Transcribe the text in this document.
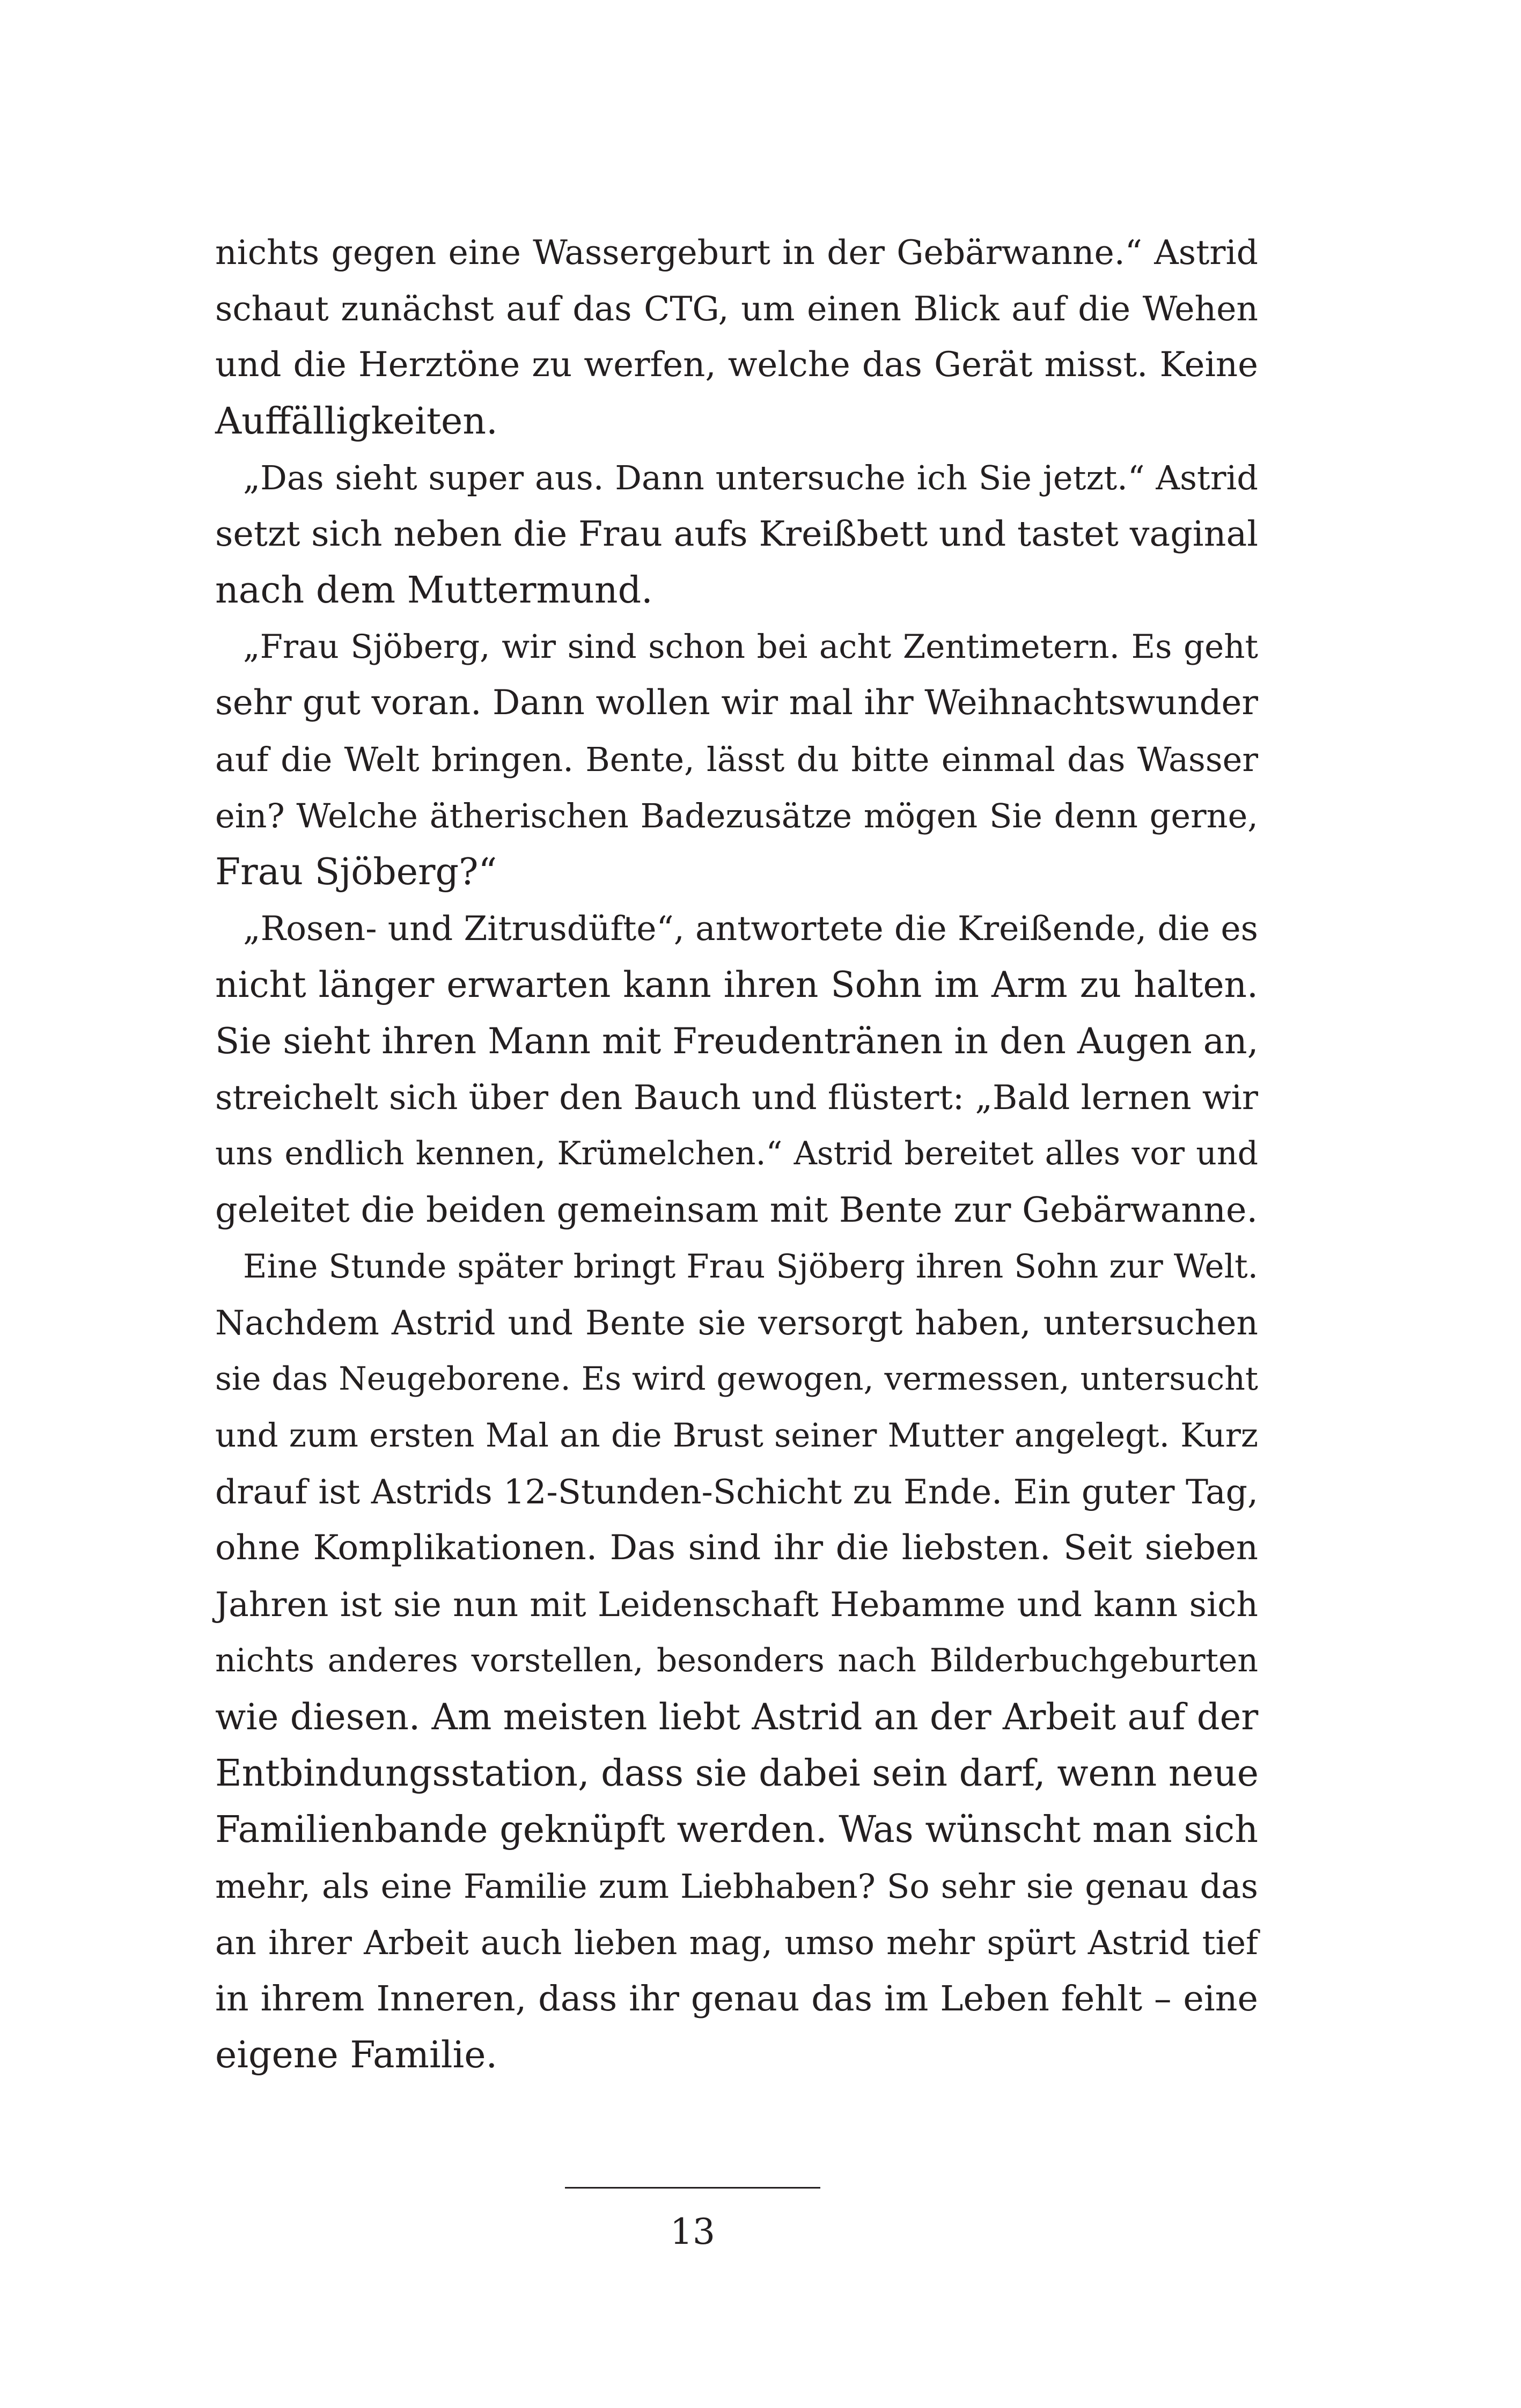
nichts gegen eine Wassergeburt in der Gebärwanne.“ Astrid
schaut zunächst auf das CTG, um einen Blick auf die Wehen
und die Herztöne zu werfen, welche das Gerät misst. Keine
Auffälligkeiten.
„Das sieht super aus. Dann untersuche ich Sie jetzt.“ Astrid
setzt sich neben die Frau aufs Kreißbett und tastet vaginal
nach dem Muttermund.
„Frau Sjöberg, wir sind schon bei acht Zentimetern. Es geht
sehr gut voran. Dann wollen wir mal ihr Weihnachtswunder
auf die Welt bringen. Bente, lässt du bitte einmal das Wasser
ein? Welche ätherischen Badezusätze mögen Sie denn gerne,
Frau Sjöberg?“
„Rosen- und Zitrusdüfte“, antwortete die Kreißende, die es
nicht länger erwarten kann ihren Sohn im Arm zu halten.
Sie sieht ihren Mann mit Freudentränen in den Augen an,
streichelt sich über den Bauch und flüstert: „Bald lernen wir
uns endlich kennen, Krümelchen.“ Astrid bereitet alles vor und
geleitet die beiden gemeinsam mit Bente zur Gebärwanne.
Eine Stunde später bringt Frau Sjöberg ihren Sohn zur Welt.
Nachdem Astrid und Bente sie versorgt haben, untersuchen
sie das Neugeborene. Es wird gewogen, vermessen, untersucht
und zum ersten Mal an die Brust seiner Mutter angelegt. Kurz
drauf ist Astrids 12-Stunden-Schicht zu Ende. Ein guter Tag,
ohne Komplikationen. Das sind ihr die liebsten. Seit sieben
Jahren ist sie nun mit Leidenschaft Hebamme und kann sich
nichts anderes vorstellen, besonders nach Bilderbuchgeburten
wie diesen. Am meisten liebt Astrid an der Arbeit auf der
Entbindungsstation, dass sie dabei sein darf, wenn neue
Familienbande geknüpft werden. Was wünscht man sich
mehr, als eine Familie zum Liebhaben? So sehr sie genau das
an ihrer Arbeit auch lieben mag, umso mehr spürt Astrid tief
in ihrem Inneren, dass ihr genau das im Leben fehlt – eine
eigene Familie.
13
